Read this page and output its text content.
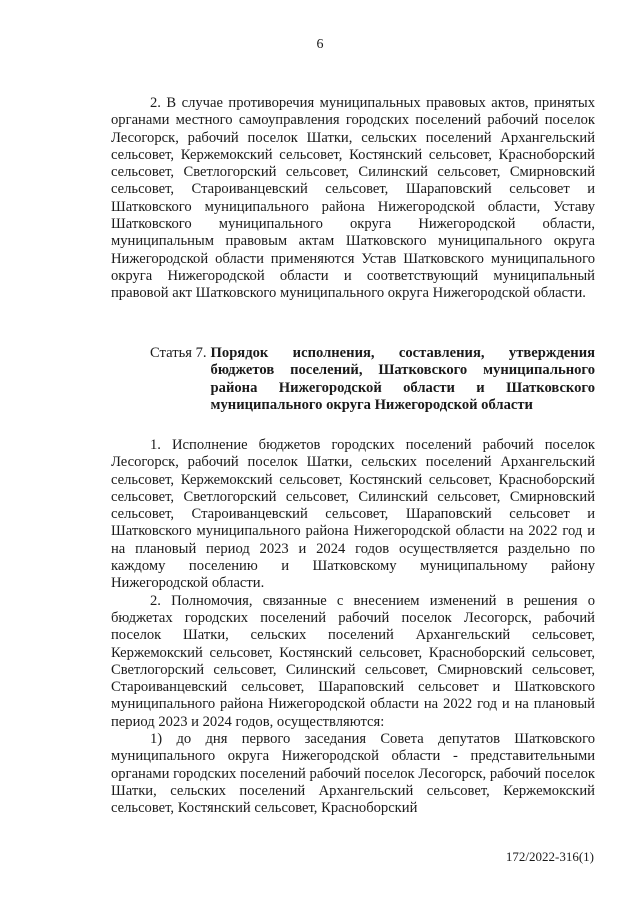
6

2. В случае противоречия муниципальных правовых актов, принятых органами местного самоуправления городских поселений рабочий поселок Лесогорск, рабочий поселок Шатки, сельских поселений Архангельский сельсовет, Кержемокский сельсовет, Костянский сельсовет, Красноборский сельсовет, Светлогорский сельсовет, Силинский сельсовет, Смирновский сельсовет, Староиванцевский сельсовет, Шараповский сельсовет и Шатковского муниципального района Нижегородской области, Уставу Шатковского муниципального округа Нижегородской области, муниципальным правовым актам Шатковского муниципального округа Нижегородской области применяются Устав Шатковского муниципального округа Нижегородской области и соответствующий муниципальный правовой акт Шатковского муниципального округа Нижегородской области.

Статья 7. Порядок исполнения, составления, утверждения бюджетов поселений, Шатковского муниципального района Нижегородской области и Шатковского муниципального округа Нижегородской области

1. Исполнение бюджетов городских поселений рабочий поселок Лесогорск, рабочий поселок Шатки, сельских поселений Архангельский сельсовет, Кержемокский сельсовет, Костянский сельсовет, Красноборский сельсовет, Светлогорский сельсовет, Силинский сельсовет, Смирновский сельсовет, Староиванцевский сельсовет, Шараповский сельсовет и Шатковского муниципального района Нижегородской области на 2022 год и на плановый период 2023 и 2024 годов осуществляется раздельно по каждому поселению и Шатковскому муниципальному району Нижегородской области.

2. Полномочия, связанные с внесением изменений в решения о бюджетах городских поселений рабочий поселок Лесогорск, рабочий поселок Шатки, сельских поселений Архангельский сельсовет, Кержемокский сельсовет, Костянский сельсовет, Красноборский сельсовет, Светлогорский сельсовет, Силинский сельсовет, Смирновский сельсовет, Староиванцевский сельсовет, Шараповский сельсовет и Шатковского муниципального района Нижегородской области на 2022 год и на плановый период 2023 и 2024 годов, осуществляются:

1) до дня первого заседания Совета депутатов Шатковского муниципального округа Нижегородской области - представительными органами городских поселений рабочий поселок Лесогорск, рабочий поселок Шатки, сельских поселений Архангельский сельсовет, Кержемокский сельсовет, Костянский сельсовет, Красноборский

172/2022-316(1)
